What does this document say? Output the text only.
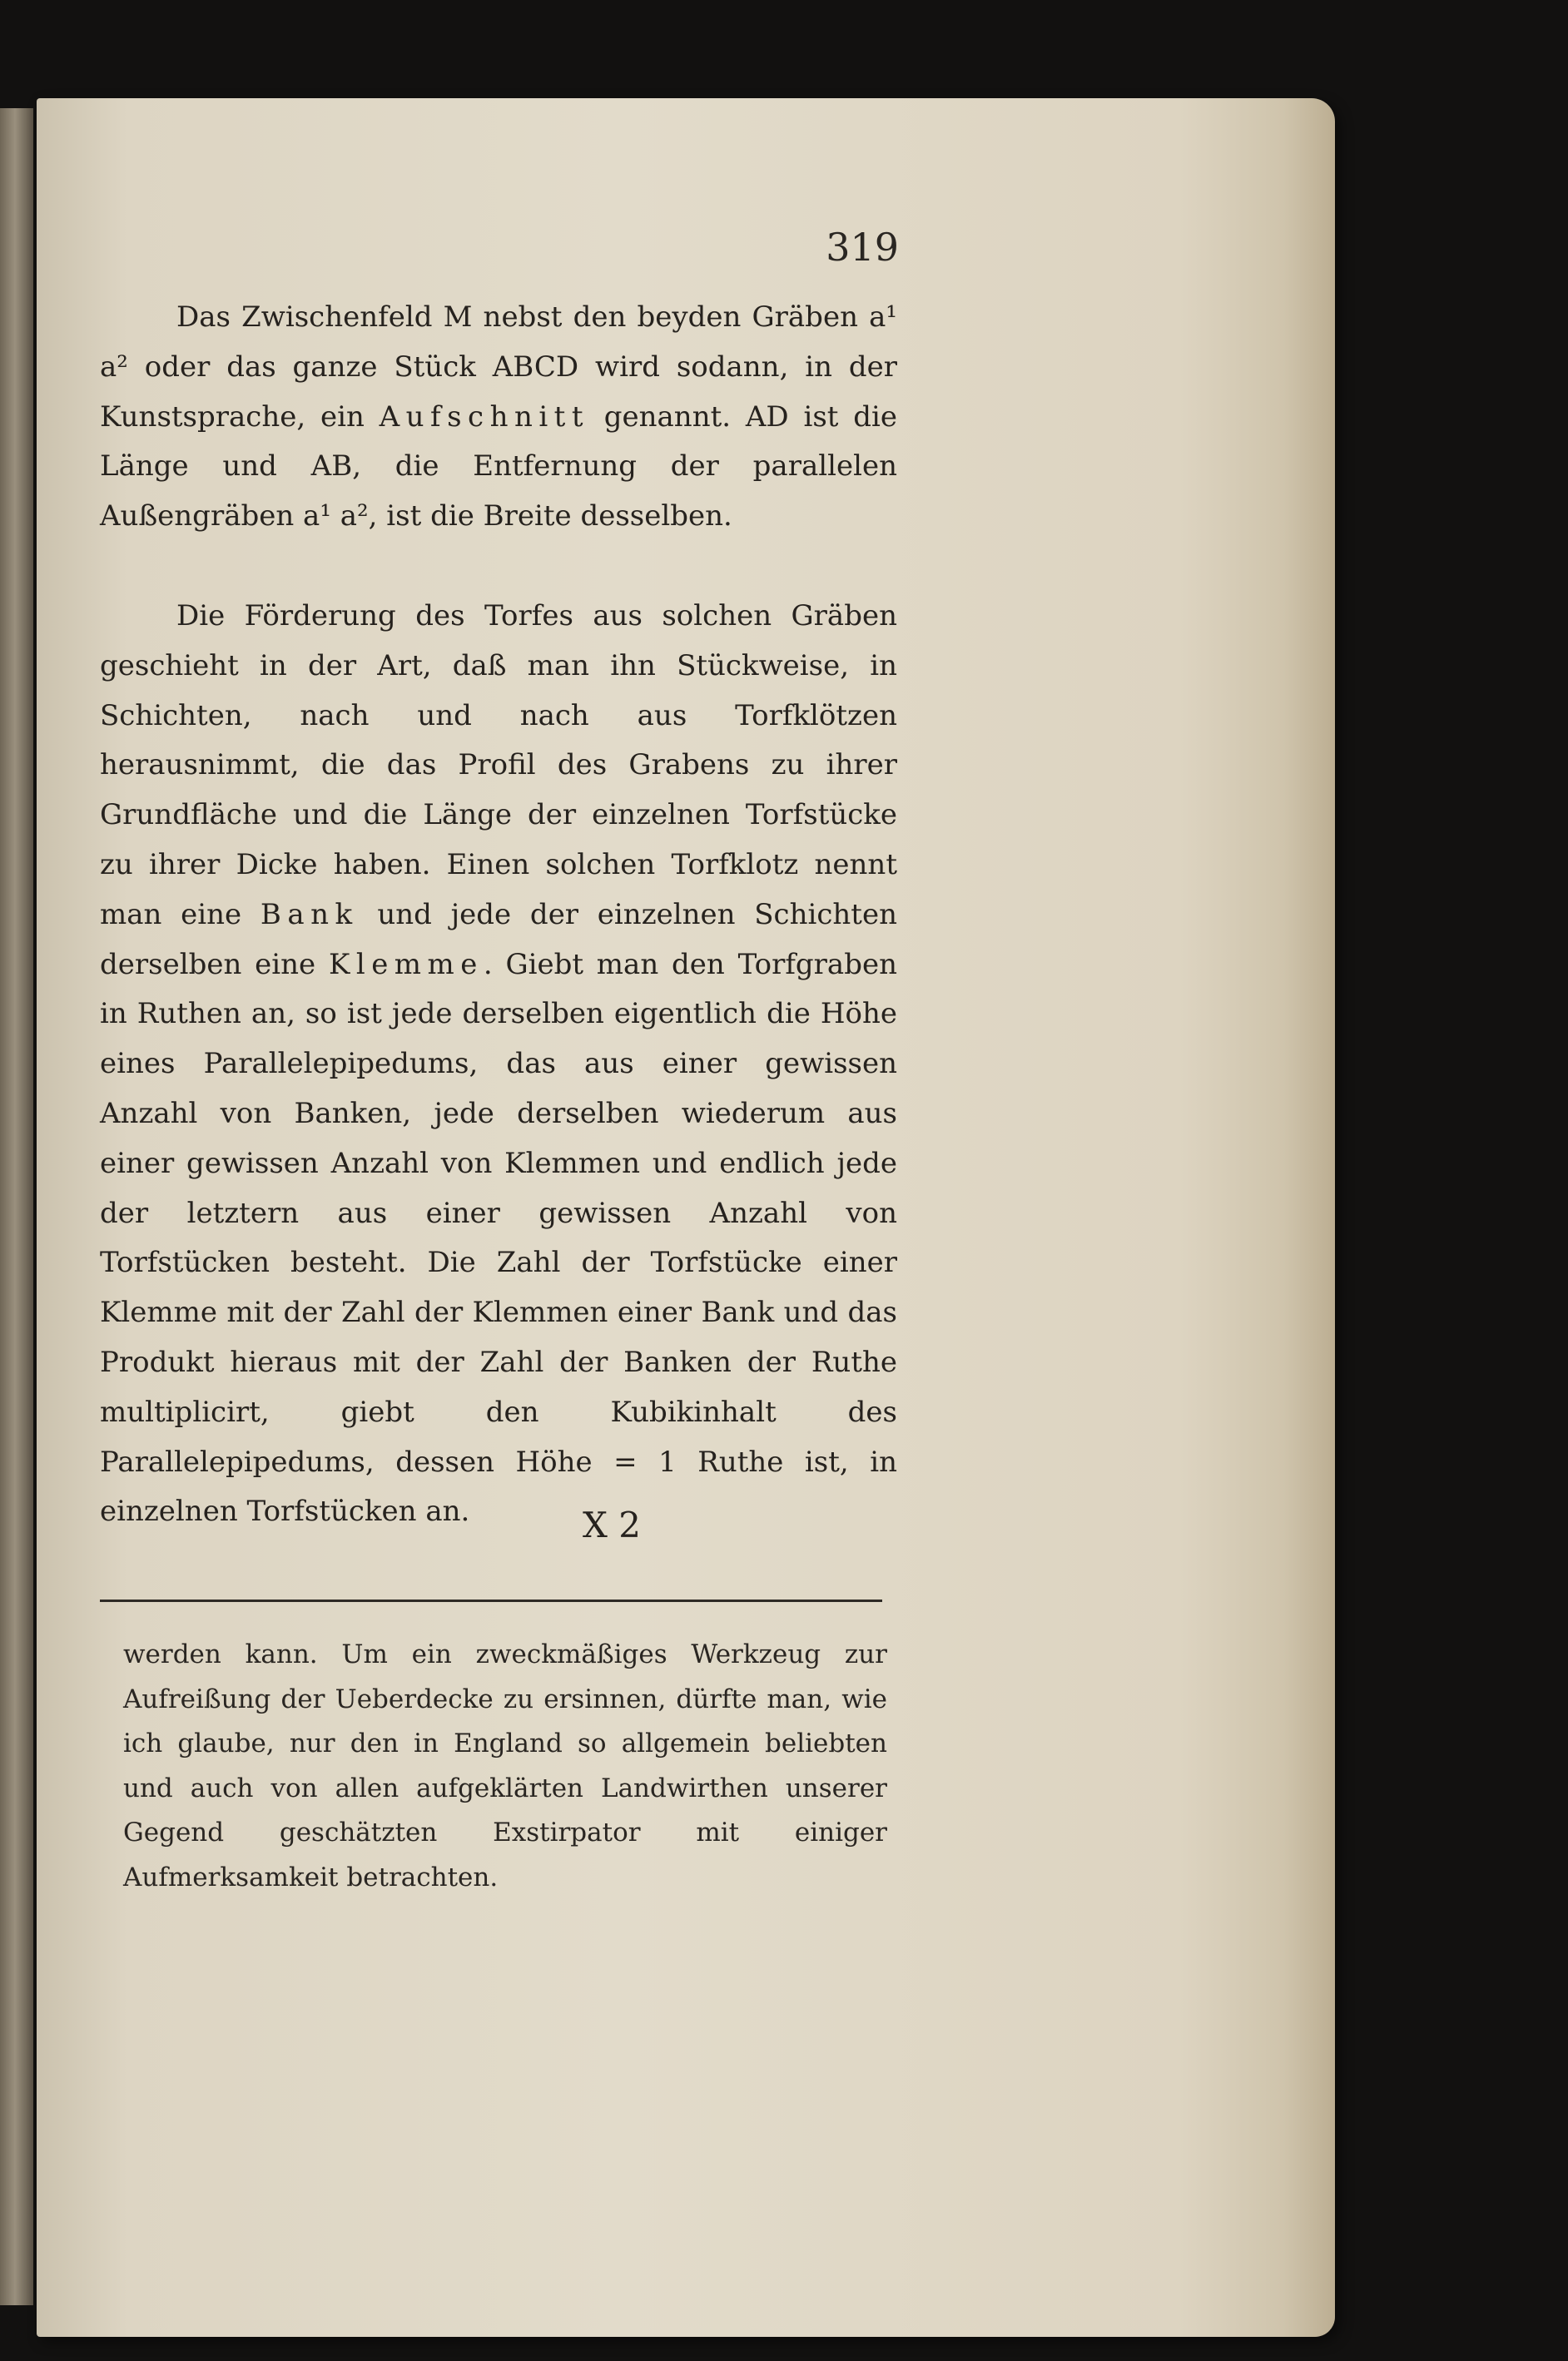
319

Das Zwischenfeld M nebst den beyden Gräben a¹ a² oder das ganze Stück ABCD wird sodann, in der Kunstsprache, ein Aufschnitt genannt. AD ist die Länge und AB, die Entfernung der parallelen Außengräben a¹ a², ist die Breite desselben.

Die Förderung des Torfes aus solchen Gräben geschieht in der Art, daß man ihn Stückweise, in Schichten, nach und nach aus Torfklötzen herausnimmt, die das Profil des Grabens zu ihrer Grundfläche und die Länge der einzelnen Torfstücke zu ihrer Dicke haben. Einen solchen Torfklotz nennt man eine Bank und jede der einzelnen Schichten derselben eine Klemme. Giebt man den Torfgraben in Ruthen an, so ist jede derselben eigentlich die Höhe eines Parallelepipedums, das aus einer gewissen Anzahl von Banken, jede derselben wiederum aus einer gewissen Anzahl von Klemmen und endlich jede der letztern aus einer gewissen Anzahl von Torfstücken besteht. Die Zahl der Torfstücke einer Klemme mit der Zahl der Klemmen einer Bank und das Produkt hieraus mit der Zahl der Banken der Ruthe multiplicirt, giebt den Kubikinhalt des Parallelepipedums, dessen Höhe = 1 Ruthe ist, in einzelnen Torfstücken an.	X 2

werden kann. Um ein zweckmäßiges Werkzeug zur Aufreißung der Ueberdecke zu ersinnen, dürfte man, wie ich glaube, nur den in England so allgemein beliebten und auch von allen aufgeklärten Landwirthen unserer Gegend geschätzten Exstirpator mit einiger Aufmerksamkeit betrachten.
